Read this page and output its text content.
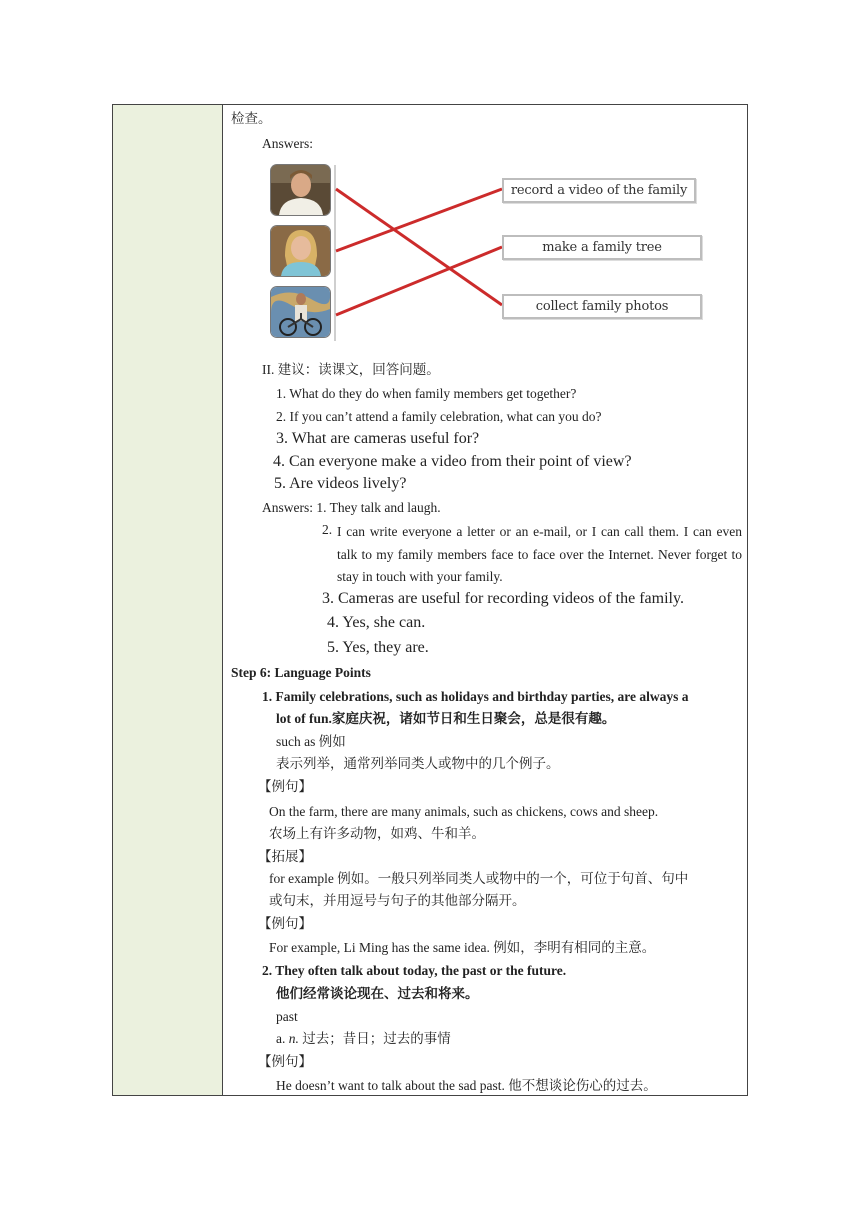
检查。
Answers:
record a video of the family
make a family tree
collect family photos
II. 建议：读课文，回答问题。
1. What do they do when family members get together?
2. If you can’t attend a family celebration, what can you do?
3. What are cameras useful for?
4. Can everyone make a video from their point of view?
5. Are videos lively?
Answers: 1. They talk and laugh.
2. I can write everyone a letter or an e-mail, or I can call them. I can even talk to my family members face to face over the Internet. Never forget to stay in touch with your family.
3. Cameras are useful for recording videos of the family.
4. Yes, she can.
5. Yes, they are.
Step 6: Language Points
1. Family celebrations, such as holidays and birthday parties, are always a
lot of fun.家庭庆祝，诸如节日和生日聚会，总是很有趣。
such as 例如
表示列举，通常列举同类人或物中的几个例子。
【例句】
On the farm, there are many animals, such as chickens, cows and sheep.
农场上有许多动物，如鸡、牛和羊。
【拓展】
for example 例如。一般只列举同类人或物中的一个，可位于句首、句中
或句末，并用逗号与句子的其他部分隔开。
【例句】
For example, Li Ming has the same idea. 例如，李明有相同的主意。
2. They often talk about today, the past or the future.
他们经常谈论现在、过去和将来。
past
a. n. 过去；昔日；过去的事情
【例句】
He doesn’t want to talk about the sad past. 他不想谈论伤心的过去。
